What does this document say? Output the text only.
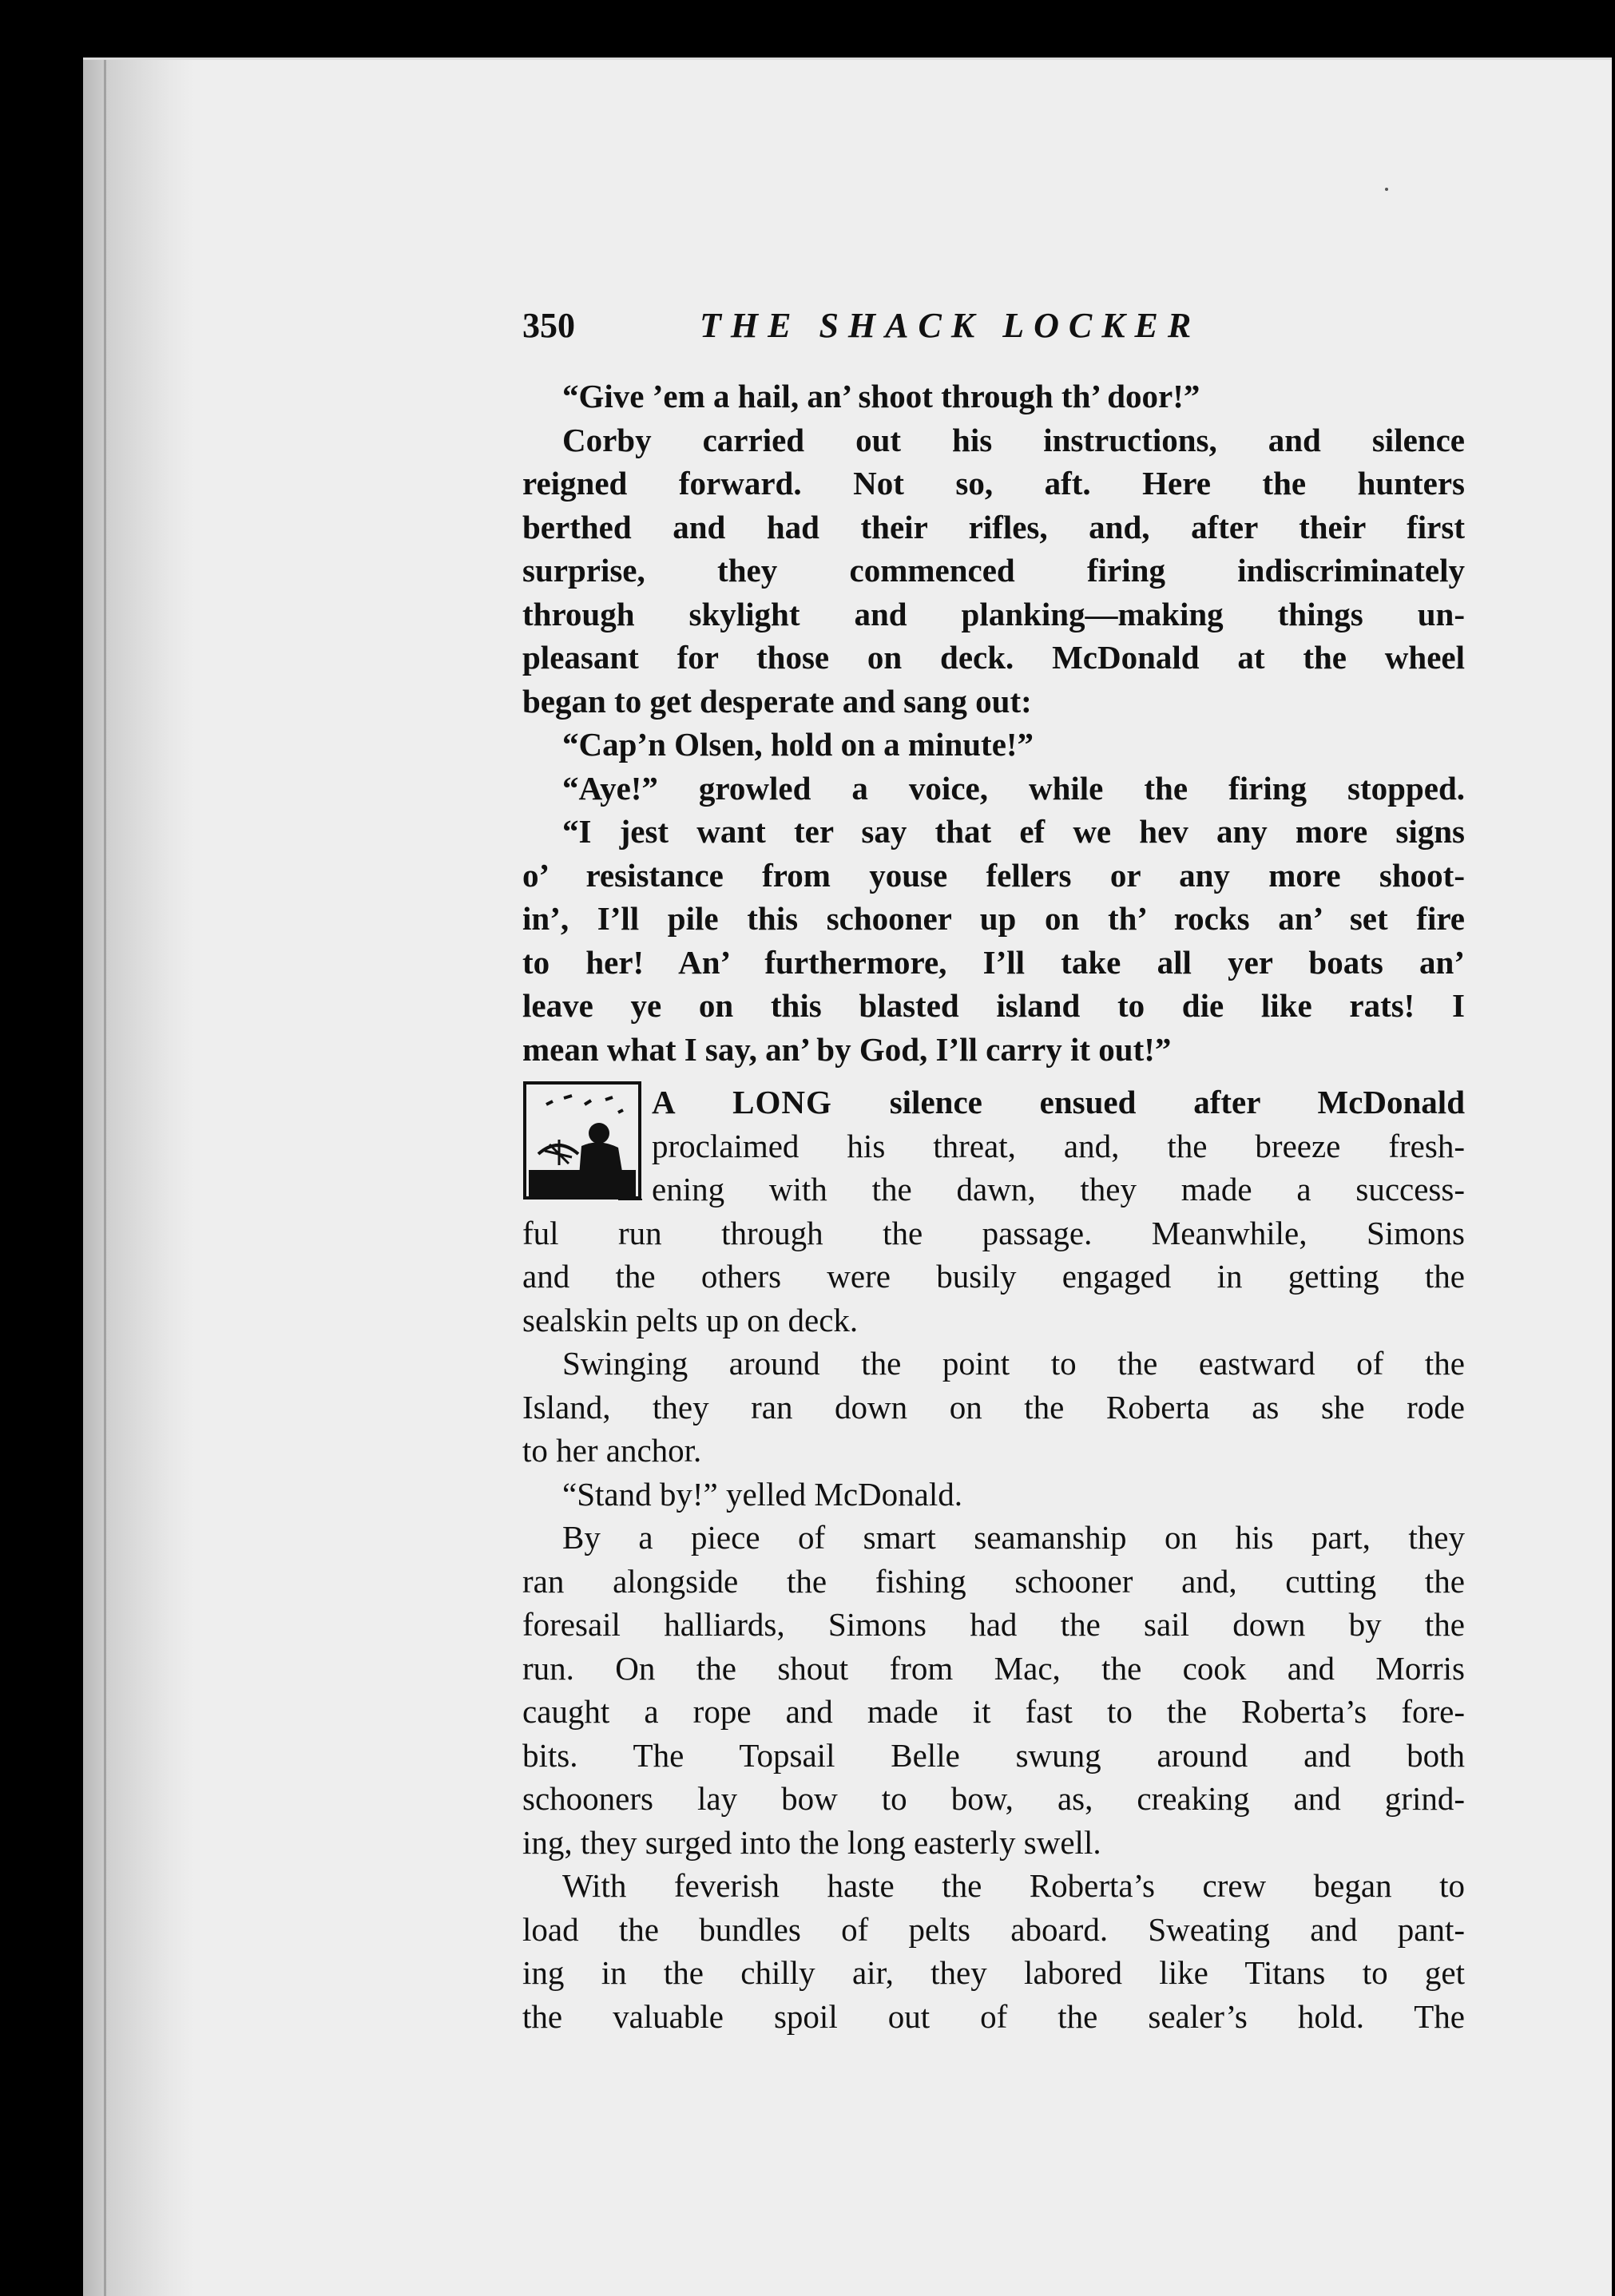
350	THE SHACK LOCKER
“Give ’em a hail, an’ shoot through th’ door!”
Corby carried out his instructions, and silence
reigned forward. Not so, aft. Here the hunters
berthed and had their rifles, and, after their first
surprise, they commenced firing indiscriminately
through skylight and planking—making things un-
pleasant for those on deck. McDonald at the wheel
began to get desperate and sang out:
“Cap’n Olsen, hold on a minute!”
“Aye!” growled a voice, while the firing stopped.
“I jest want ter say that ef we hev any more signs
o’ resistance from youse fellers or any more shoot-
in’, I’ll pile this schooner up on th’ rocks an’ set fire
to her! An’ furthermore, I’ll take all yer boats an’
leave ye on this blasted island to die like rats! I
mean what I say, an’ by God, I’ll carry it out!”
A LONG silence ensued after McDonald
proclaimed his threat, and, the breeze fresh-
ening with the dawn, they made a success-
ful run through the passage. Meanwhile, Simons
and the others were busily engaged in getting the
sealskin pelts up on deck.
Swinging around the point to the eastward of the
Island, they ran down on the Roberta as she rode
to her anchor.
“Stand by!” yelled McDonald.
By a piece of smart seamanship on his part, they
ran alongside the fishing schooner and, cutting the
foresail halliards, Simons had the sail down by the
run. On the shout from Mac, the cook and Morris
caught a rope and made it fast to the Roberta’s fore-
bits. The Topsail Belle swung around and both
schooners lay bow to bow, as, creaking and grind-
ing, they surged into the long easterly swell.
With feverish haste the Roberta’s crew began to
load the bundles of pelts aboard. Sweating and pant-
ing in the chilly air, they labored like Titans to get
the valuable spoil out of the sealer’s hold. The
